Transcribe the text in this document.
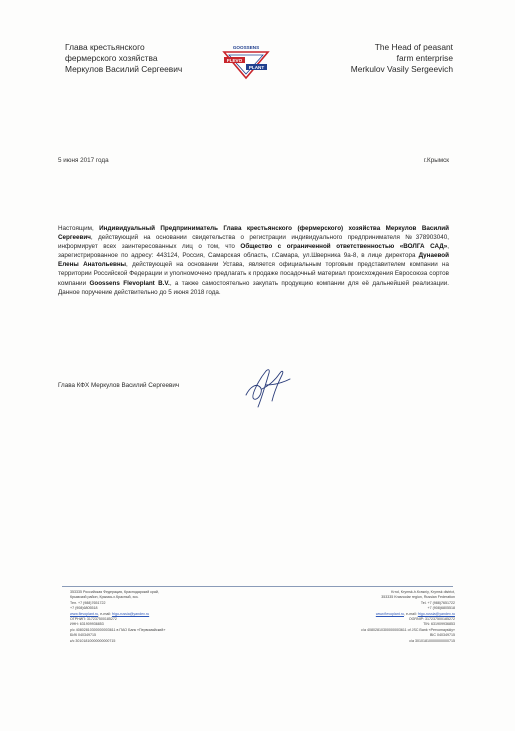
Глава крестьянского
фермерского хозяйства
Меркулов Василий Сергеевич
GOOSSENS
FLEVO
PLANT
The Head of peasant
farm enterprise
Merkulov Vasily Sergeevich
5 июня 2017 года	г.Крымск
Настоящим, Индивидуальный Предприниматель Глава крестьянского (фермерского) хозяйства Меркулов Василий Сергеевич, действующий на основании свидетельства о регистрации индивидуального предпринимателя №378903040, информирует всех заинтересованных лиц о том, что Общество с ограниченной ответственностью «ВОЛГА САД», зарегистрированное по адресу: 443124, Россия, Самарская область, г.Самара, ул.Шверника 9а-8, в лице директора Дунаевой Елены Анатольевны, действующей на основании Устава, является официальным торговым представителем компании на территории Российской Федерации и уполномочено предлагать к продаже посадочный материал происхождения Евросоюза сортов компании Goossens Flevoplant B.V., а также самостоятельно закупать продукцию компании для её дальнейшей реализации. Данное поручение действительно до 5 июня 2018 года.
Глава КФХ Меркулов Василий Сергеевич
353335 Российская Федерация, Краснодарский край,
Крымский район, Крымск-х.Красный, хкз.
Тел. +7 (988)7651722
+7 (908)6805518
www.flevoplant.ru, e-mail: frigo-russia@yandex.ru
ОГРНИП: 317237500185272
ИНН: 631909936853
р/с 40802810300000003611 в ПАО Банк «Первомайский»
БИК 040349715
к/с 30101810000000000715
Krnd, Krymsk-h.Krasniy, Krymsk district,
353335 Krasnodar region, Russian Federation
Tel. +7 (988)7651722
+7 (908)6805518
www.flevoplant.ru, e-mail: frigo-russia@yandex.ru
OGRNIP: 317237500185272
TIN: 631909936853
c/a 40802810300000003611 of JSC Bank «Pervomayskiy»
BIC 040349715
c/a 30101810000000000715
